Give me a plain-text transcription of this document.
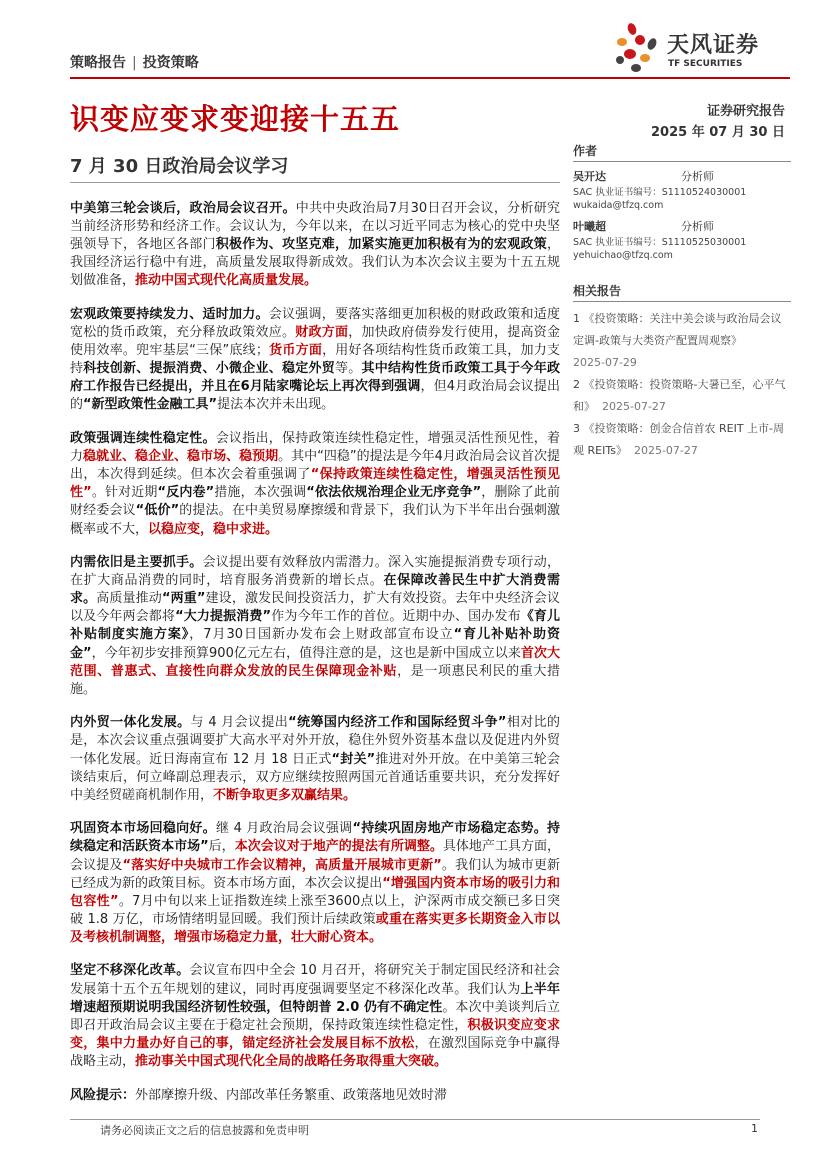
策略报告 | 投资策略
天风证券
TF SECURITIES
识变应变求变迎接十五五
7 月 30 日政治局会议学习
证券研究报告
2025 年 07 月 30 日

中美第三轮会谈后，政治局会议召开。中共中央政治局7月30日召开会议，分析研究当前经济形势和经济工作。会议认为，今年以来，在以习近平同志为核心的党中央坚强领导下，各地区各部门积极作为、攻坚克难，加紧实施更加积极有为的宏观政策，我国经济运行稳中有进，高质量发展取得新成效。我们认为本次会议主要为十五五规划做准备，推动中国式现代化高质量发展。

宏观政策要持续发力、适时加力。会议强调，要落实落细更加积极的财政政策和适度宽松的货币政策，充分释放政策效应。财政方面，加快政府债券发行使用，提高资金使用效率。兜牢基层“三保”底线；货币方面，用好各项结构性货币政策工具，加力支持科技创新、提振消费、小微企业、稳定外贸等。其中结构性货币政策工具于今年政府工作报告已经提出，并且在6月陆家嘴论坛上再次得到强调，但4月政治局会议提出的“新型政策性金融工具”提法本次并未出现。

政策强调连续性稳定性。会议指出，保持政策连续性稳定性，增强灵活性预见性，着力稳就业、稳企业、稳市场、稳预期。其中“四稳”的提法是今年4月政治局会议首次提出，本次得到延续。但本次会着重强调了“保持政策连续性稳定性，增强灵活性预见性”。针对近期“反内卷”措施，本次强调“依法依规治理企业无序竞争”，删除了此前财经委会议“低价”的提法。在中美贸易摩擦缓和背景下，我们认为下半年出台强刺激概率或不大，以稳应变，稳中求进。

内需依旧是主要抓手。会议提出要有效释放内需潜力。深入实施提振消费专项行动，在扩大商品消费的同时，培育服务消费新的增长点。在保障改善民生中扩大消费需求。高质量推动“两重”建设，激发民间投资活力，扩大有效投资。去年中央经济会议以及今年两会都将“大力提振消费”作为今年工作的首位。近期中办、国办发布《育儿补贴制度实施方案》，7月30日国新办发布会上财政部宣布设立“育儿补贴补助资金”，今年初步安排预算900亿元左右，值得注意的是，这也是新中国成立以来首次大范围、普惠式、直接性向群众发放的民生保障现金补贴，是一项惠民利民的重大措施。

内外贸一体化发展。与 4 月会议提出“统筹国内经济工作和国际经贸斗争”相对比的是，本次会议重点强调要扩大高水平对外开放，稳住外贸外资基本盘以及促进内外贸一体化发展。近日海南宣布 12 月 18 日正式“封关”推进对外开放。在中美第三轮会谈结束后，何立峰副总理表示，双方应继续按照两国元首通话重要共识，充分发挥好中美经贸磋商机制作用，不断争取更多双赢结果。

巩固资本市场回稳向好。继 4 月政治局会议强调“持续巩固房地产市场稳定态势。持续稳定和活跃资本市场”后，本次会议对于地产的提法有所调整。具体地产工具方面，会议提及“落实好中央城市工作会议精神，高质量开展城市更新”。我们认为城市更新已经成为新的政策目标。资本市场方面，本次会议提出“增强国内资本市场的吸引力和包容性”。7月中旬以来上证指数连续上涨至3600点以上，沪深两市成交额已多日突破 1.8 万亿，市场情绪明显回暖。我们预计后续政策或重在落实更多长期资金入市以及考核机制调整，增强市场稳定力量，壮大耐心资本。

坚定不移深化改革。会议宣布四中全会 10 月召开，将研究关于制定国民经济和社会发展第十五个五年规划的建议，同时再度强调要坚定不移深化改革。我们认为上半年增速超预期说明我国经济韧性较强，但特朗普 2.0 仍有不确定性。本次中美谈判后立即召开政治局会议主要在于稳定社会预期，保持政策连续性稳定性，积极识变应变求变，集中力量办好自己的事，锚定经济社会发展目标不放松，在激烈国际竞争中赢得战略主动，推动事关中国式现代化全局的战略任务取得重大突破。

风险提示：外部摩擦升级、内部改革任务繁重、政策落地见效时滞

作者
吴开达	分析师
SAC 执业证书编号：S1110524030001
wukaida@tfzq.com
叶曦超	分析师
SAC 执业证书编号：S1110525030001
yehuichao@tfzq.com
相关报告
1 《投资策略：关注中美会谈与政治局会议定调-政策与大类资产配置周观察》
2025-07-29
2 《投资策略：投资策略-大暑已至，心平气和》 2025-07-27
3 《投资策略：创金合信首农 REIT 上市-周观 REITs》 2025-07-27
请务必阅读正文之后的信息披露和免责申明	1
